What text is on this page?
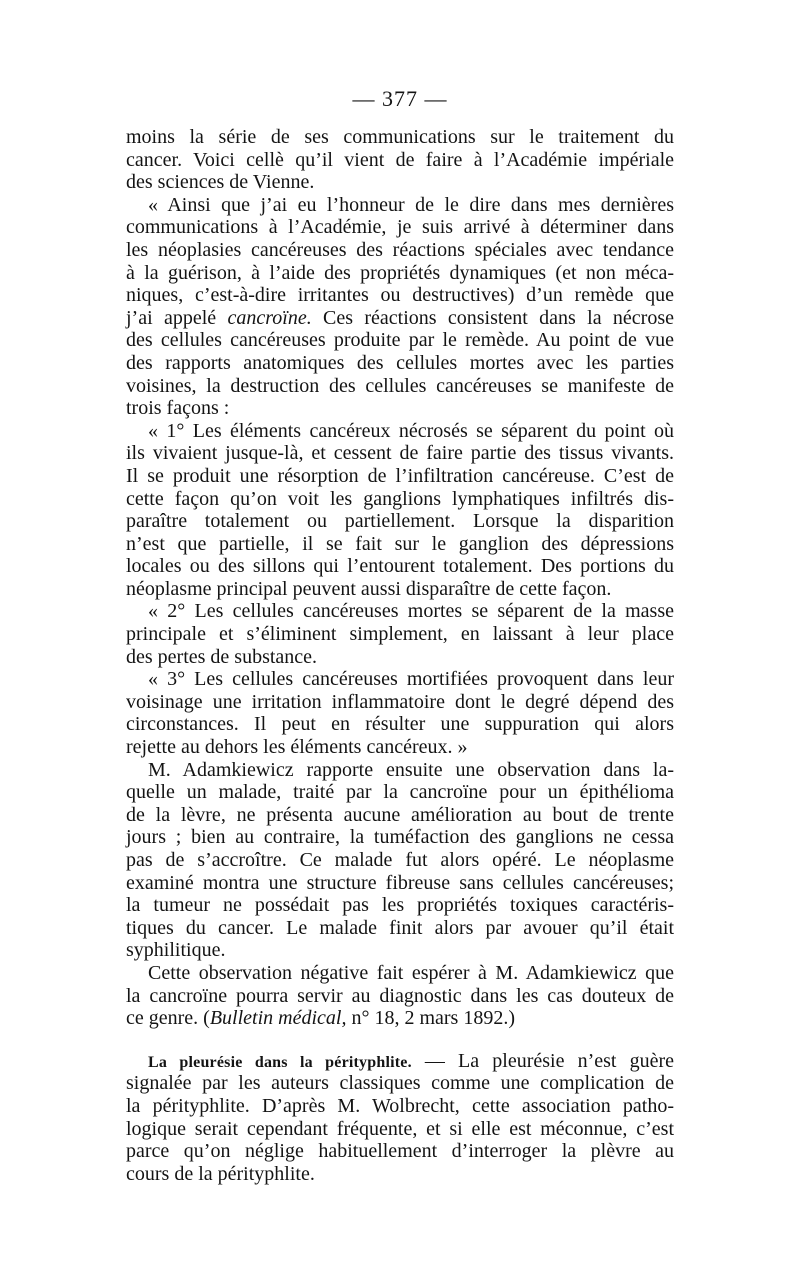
— 377 —
moins la série de ses communications sur le traitement du
cancer. Voici cellè qu’il vient de faire à l’Académie impériale
des sciences de Vienne.
« Ainsi que j’ai eu l’honneur de le dire dans mes dernières
communications à l’Académie, je suis arrivé à déterminer dans
les néoplasies cancéreuses des réactions spéciales avec tendance
à la guérison, à l’aide des propriétés dynamiques (et non méca-
niques, c’est-à-dire irritantes ou destructives) d’un remède que
j’ai appelé cancroïne. Ces réactions consistent dans la nécrose
des cellules cancéreuses produite par le remède. Au point de vue
des rapports anatomiques des cellules mortes avec les parties
voisines, la destruction des cellules cancéreuses se manifeste de
trois façons :
« 1° Les éléments cancéreux nécrosés se séparent du point où
ils vivaient jusque-là, et cessent de faire partie des tissus vivants.
Il se produit une résorption de l’infiltration cancéreuse. C’est de
cette façon qu’on voit les ganglions lymphatiques infiltrés dis-
paraître totalement ou partiellement. Lorsque la disparition
n’est que partielle, il se fait sur le ganglion des dépressions
locales ou des sillons qui l’entourent totalement. Des portions du
néoplasme principal peuvent aussi disparaître de cette façon.
« 2° Les cellules cancéreuses mortes se séparent de la masse
principale et s’éliminent simplement, en laissant à leur place
des pertes de substance.
« 3° Les cellules cancéreuses mortifiées provoquent dans leur
voisinage une irritation inflammatoire dont le degré dépend des
circonstances. Il peut en résulter une suppuration qui alors
rejette au dehors les éléments cancéreux. »
M. Adamkiewicz rapporte ensuite une observation dans la-
quelle un malade, traité par la cancroïne pour un épithélioma
de la lèvre, ne présenta aucune amélioration au bout de trente
jours ; bien au contraire, la tuméfaction des ganglions ne cessa
pas de s’accroître. Ce malade fut alors opéré. Le néoplasme
examiné montra une structure fibreuse sans cellules cancéreuses;
la tumeur ne possédait pas les propriétés toxiques caractéris-
tiques du cancer. Le malade finit alors par avouer qu’il était
syphilitique.
Cette observation négative fait espérer à M. Adamkiewicz que
la cancroïne pourra servir au diagnostic dans les cas douteux de
ce genre. (Bulletin médical, n° 18, 2 mars 1892.)
La pleurésie dans la pérityphlite. — La pleurésie n’est guère
signalée par les auteurs classiques comme une complication de
la pérityphlite. D’après M. Wolbrecht, cette association patho-
logique serait cependant fréquente, et si elle est méconnue, c’est
parce qu’on néglige habituellement d’interroger la plèvre au
cours de la pérityphlite.
